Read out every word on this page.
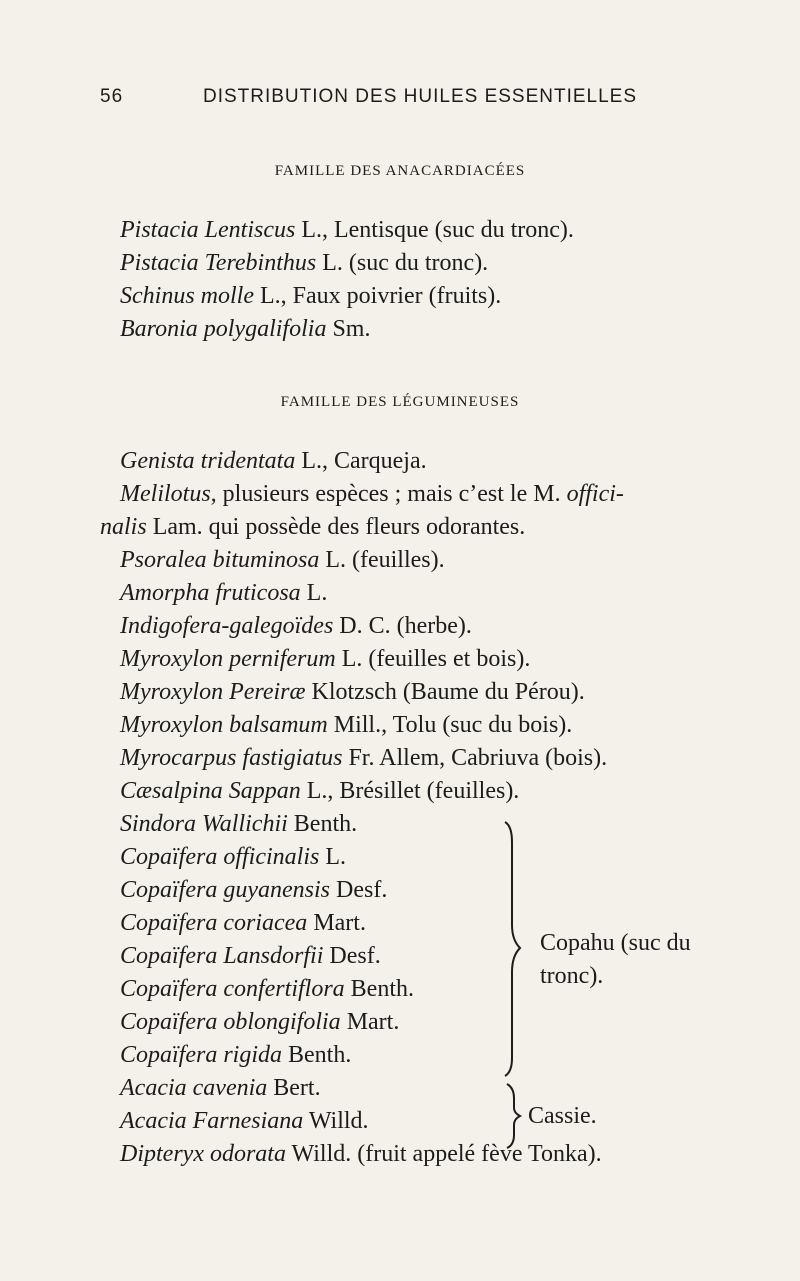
56	DISTRIBUTION DES HUILES ESSENTIELLES
FAMILLE DES ANACARDIACÉES
Pistacia Lentiscus L., Lentisque (suc du tronc).
Pistacia Terebinthus L. (suc du tronc).
Schinus molle L., Faux poivrier (fruits).
Baronia polygalifolia Sm.
FAMILLE DES LÉGUMINEUSES
Genista tridentata L., Carqueja.
Melilotus, plusieurs espèces ; mais c’est le M. offici-
nalis Lam. qui possède des fleurs odorantes.
Psoralea bituminosa L. (feuilles).
Amorpha fruticosa L.
Indigofera-galegoïdes D. C. (herbe).
Myroxylon perniferum L. (feuilles et bois).
Myroxylon Pereiræ Klotzsch (Baume du Pérou).
Myroxylon balsamum Mill., Tolu (suc du bois).
Myrocarpus fastigiatus Fr. Allem, Cabriuva (bois).
Cæsalpina Sappan L., Brésillet (feuilles).
Sindora Wallichii Benth.
Copaïfera officinalis L.
Copaïfera guyanensis Desf.
Copaïfera coriacea Mart.
Copaïfera Lansdorfii Desf.
Copaïfera confertiflora Benth.
Copaïfera oblongifolia Mart.
Copaïfera rigida Benth.
Acacia cavenia Bert.
Acacia Farnesiana Willd.
Dipteryx odorata Willd. (fruit appelé fève Tonka).
Copahu (suc du
tronc).
Cassie.
